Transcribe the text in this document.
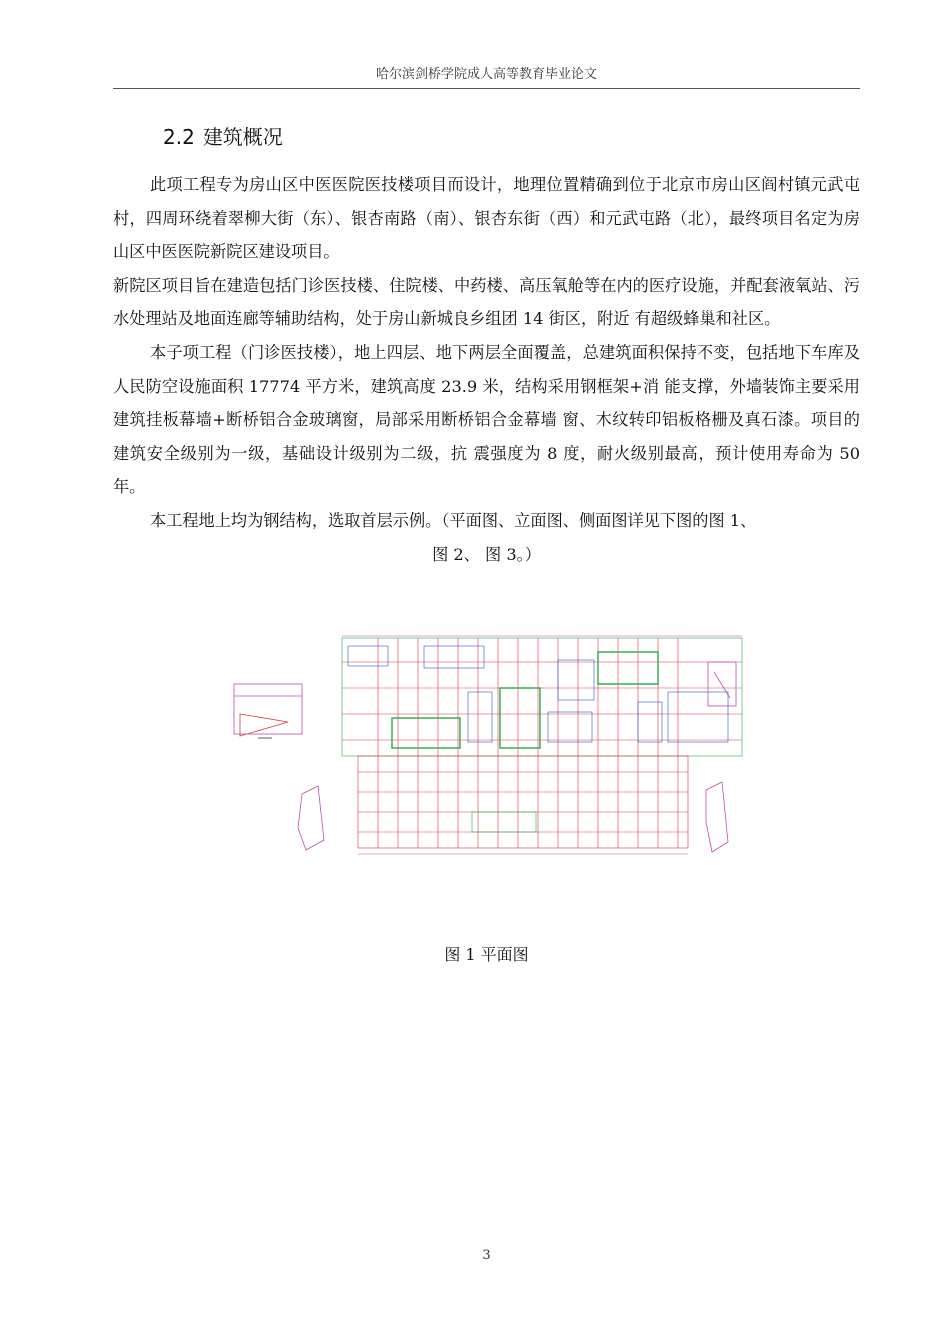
哈尔滨剑桥学院成人高等教育毕业论文
2.2 建筑概况

此项工程专为房山区中医医院医技楼项目而设计，地理位置精确到位于北京市房山区阎村镇元武屯村，四周环绕着翠柳大街（东）、银杏南路（南）、银杏东街（西）和元武屯路（北），最终项目名定为房山区中医医院新院区建设项目。

新院区项目旨在建造包括门诊医技楼、住院楼、中药楼、高压氧舱等在内的医疗设施，并配套液氧站、污水处理站及地面连廊等辅助结构，处于房山新城良乡组团 14 街区，附近 有超级蜂巢和社区。

本子项工程（门诊医技楼），地上四层、地下两层全面覆盖，总建筑面积保持不变，包括地下车库及人民防空设施面积 17774 平方米，建筑高度 23.9 米，结构采用钢框架+消 能支撑，外墙装饰主要采用建筑挂板幕墙+断桥铝合金玻璃窗，局部采用断桥铝合金幕墙 窗、木纹转印铝板格栅及真石漆。项目的建筑安全级别为一级，基础设计级别为二级，抗 震强度为 8 度，耐火级别最高，预计使用寿命为 50 年。

本工程地上均为钢结构，选取首层示例。（平面图、立面图、侧面图详见下图的图 1、

图 2、 图 3。）

图 1 平面图
3
